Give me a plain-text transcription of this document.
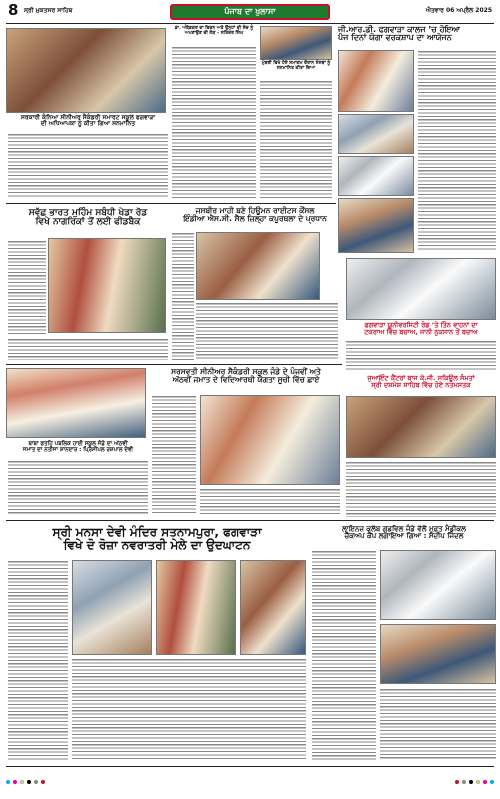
8 ਸ੍ਰੀ ਮੁਕਤਸਰ ਸਾਹਿਬ	ਪੰਜਾਬ ਦਾ ਖੁਲਾਸਾ	ਐਤਵਾਰ 06 ਅਪ੍ਰੈਲ 2025
ਸਰਕਾਰੀ ਕੰਨਿਆ ਸੀਨੀਅਰ ਸੈਕੰਡਰੀ ਸਮਾਰਟ ਸਕੂਲ ਫਗਵਾੜਾ
ਦੀ ਅਧਿਆਪਕਾ ਨੂੰ ਕੀਤਾ ਗਿਆ ਸਨਮਾਨਿਤ
ਡਾ. ਅੰਬੇਡਕਰ ਦਾ ਵਿਜ਼ਨ ਅਤੇ ਉਨ੍ਹਾਂ ਦੀ ਸੋਚ ਨੂੰ ਅਪਣਾਉਣ ਦੀ ਲੋੜ – ਸਤਿੰਦਰ ਸਿੰਘ
ਮੁੰਬਈ ਵਿਖੇ ਹੋਏ ਸਮਾਗਮ ਦੌਰਾਨ ਸੰਸਥਾ ਨੂੰ ਸਨਮਾਨਿਤ ਕੀਤਾ ਗਿਆ
ਜੀ.ਆਰ.ਡੀ. ਫਗਵਾੜਾ ਕਾਲਜ ’ਚ ਹੋਇਆ
ਪੰਜ ਦਿਨਾਂ ਯੋਗਾ ਵਰਕਸ਼ਾਪ ਦਾ ਆਯੋਜਨ
ਸਵੱਛ ਭਾਰਤ ਮੁਹਿੰਮ ਸਬੰਧੀ ਖੇਡਾ ਰੋਡ
ਵਿਖੇ ਨਾਗਰਿਕਾਂ ਤੋਂ ਲਈ ਫੀਡਬੈਕ
ਜਸਬੀਰ ਮਾਹੀ ਬਣੇ ਹਿਊਮਨ ਰਾਈਟਸ ਕੌਂਸਲ
ਇੰਡੀਆ ਐਸ.ਸੀ. ਸੈਲ ਜ਼ਿਲ੍ਹਾ ਕਪੂਰਥਲਾ ਦੇ ਪ੍ਰਧਾਨ
ਫਗਵਾੜਾ ਯੂਨੀਵਰਸਿਟੀ ਰੋਡ ’ਤੇ ਤਿੰਨ ਵਾਹਨਾਂ ਦਾ
ਟਕਰਾਅ ਵਿੱਚ ਬਚਾਅ, ਜਾਨੀ ਨੁਕਸਾਨ ਤੋਂ ਬਚਾਅ
ਸਰਸਵਤੀ ਸੀਨੀਅਰ ਸੈਕੰਡਰੀ ਸਕੂਲ ਜੰਡੇ ਦੇ ਪੰਜਵੀਂ ਅਤੇ
ਅੱਠਵੀਂ ਜਮਾਤ ਦੇ ਵਿਦਿਆਰਥੀ ਯੋਗਤਾ ਸੂਚੀ ਵਿੱਚ ਛਾਏ
ਬਾਬਾ ਫਤਹਿ ਪਬਲਿਕ ਹਾਈ ਸਕੂਲ ਜੰਡੇ ਦਾ ਅੱਠਵੀਂ
ਜਮਾਤ ਦਾ ਨਤੀਜਾ ਸ਼ਾਨਦਾਰ : ਪ੍ਰਿੰਸੀਪਲ ਰਸ਼ਪਾਲ ਦੇਵੀ
ਜੁਆਇੰਟ ਕੈਂਟਰਾਂ ਬਾਜ ਕੇ.ਜੀ. ਸਕਿਊਲ ਸੰਮਤਾਂ
ਸ੍ਰੀ ਦਸ਼ਮੇਸ਼ ਸਾਹਿਬ ਵਿੱਚ ਹੋਏ ਨਤਮਸਤਕ
ਸ੍ਰੀ ਮਨਸਾ ਦੇਵੀ ਮੰਦਿਰ ਸਤਨਾਮਪੁਰਾ, ਫਗਵਾੜਾ
ਵਿਖੇ ਦੋ ਰੋਜ਼ਾ ਨਵਰਾਤਰੀ ਮੇਲੇ ਦਾ ਉਦਘਾਟਨ
ਲਾਇਨਜ਼ ਕਲੱਬ ਗੁਡਵਿਲ ਜੰਡੇ ਵੱਲੋਂ ਮੁਫ਼ਤ ਮੈਡੀਕਲ
ਚੈੱਕਅਪ ਕੈਂਪ ਲਗਾਇਆ ਗਿਆ : ਸੰਦੀਪ ਜਿੰਦਲ
